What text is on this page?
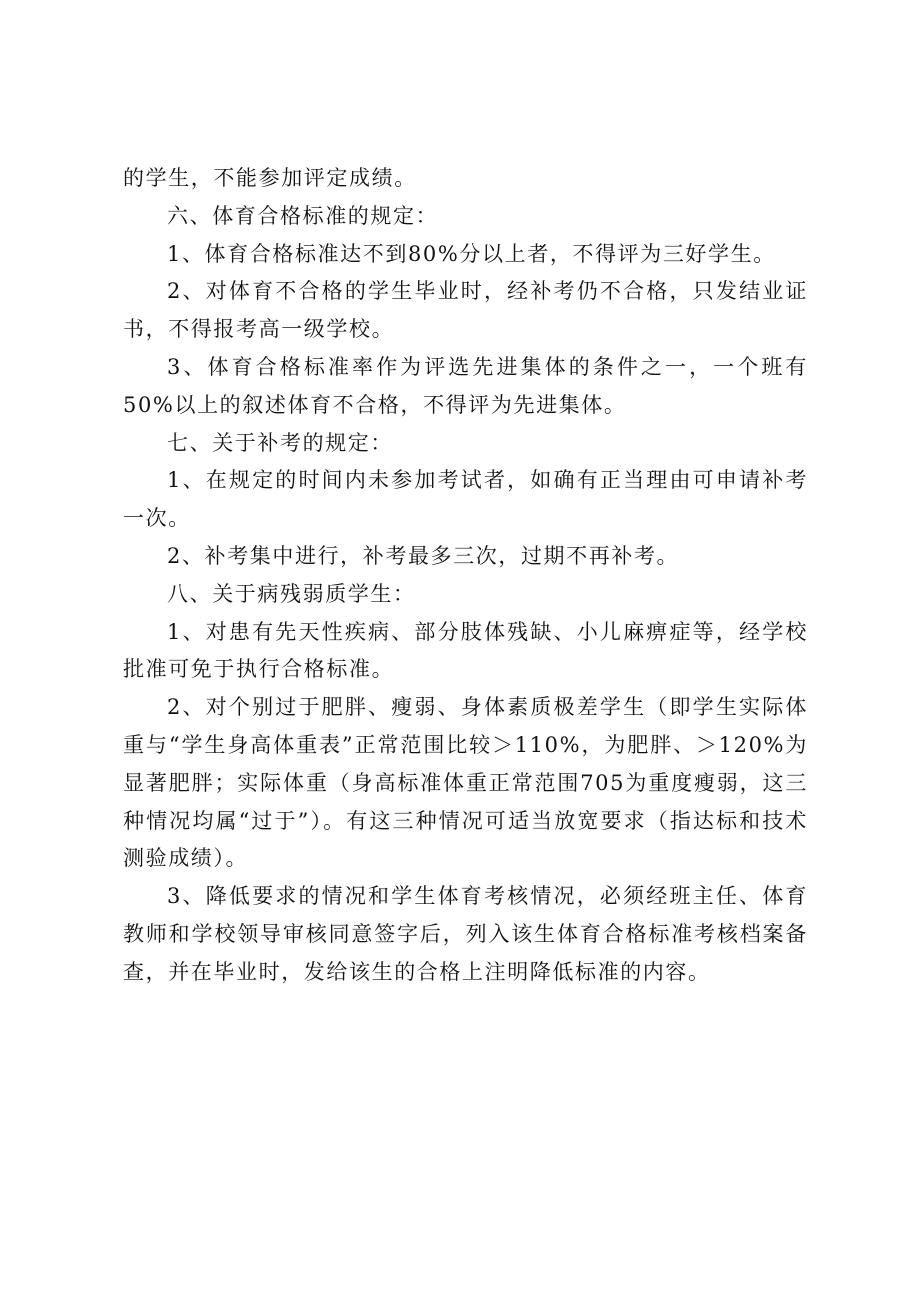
的学生，不能参加评定成绩。

六、体育合格标准的规定：

1、体育合格标准达不到80%分以上者，不得评为三好学生。

2、对体育不合格的学生毕业时，经补考仍不合格，只发结业证书，不得报考高一级学校。

3、体育合格标准率作为评选先进集体的条件之一，一个班有50%以上的叙述体育不合格，不得评为先进集体。

七、关于补考的规定：

1、在规定的时间内未参加考试者，如确有正当理由可申请补考一次。

2、补考集中进行，补考最多三次，过期不再补考。

八、关于病残弱质学生：

1、对患有先天性疾病、部分肢体残缺、小儿麻痹症等，经学校批准可免于执行合格标准。

2、对个别过于肥胖、瘦弱、身体素质极差学生（即学生实际体重与“学生身高体重表”正常范围比较＞110%，为肥胖、＞120%为显著肥胖；实际体重（身高标准体重正常范围705为重度瘦弱，这三种情况均属“过于”）。有这三种情况可适当放宽要求（指达标和技术测验成绩）。

3、降低要求的情况和学生体育考核情况，必须经班主任、体育教师和学校领导审核同意签字后，列入该生体育合格标准考核档案备查，并在毕业时，发给该生的合格上注明降低标准的内容。
